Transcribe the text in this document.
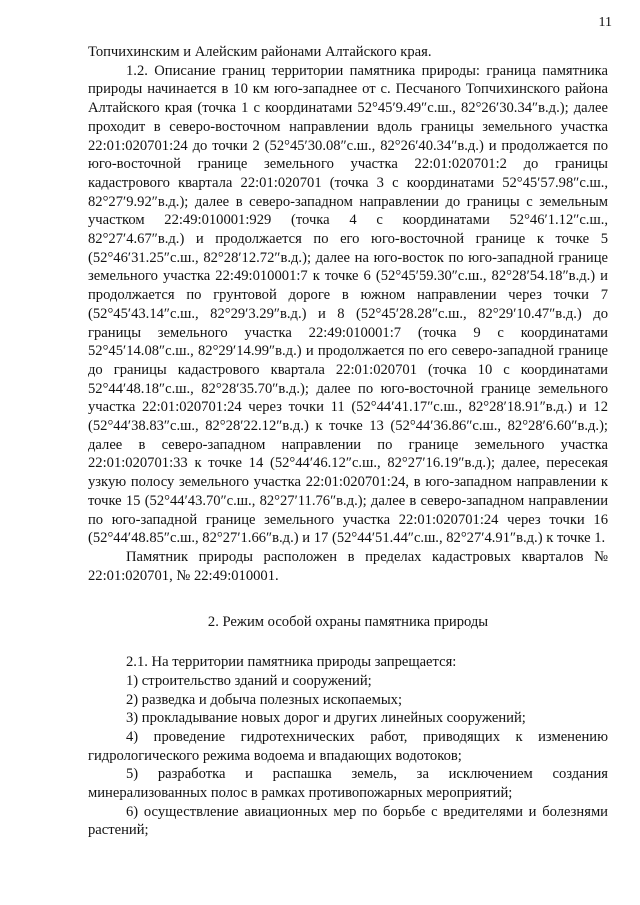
11

Топчихинским и Алейским районами Алтайского края.

1.2. Описание границ территории памятника природы: граница памятника природы начинается в 10 км юго-западнее от с. Песчаного Топчихинского района Алтайского края (точка 1 с координатами 52°45′9.49″с.ш., 82°26′30.34″в.д.); далее проходит в северо-восточном направлении вдоль границы земельного участка 22:01:020701:24 до точки 2 (52°45′30.08″с.ш., 82°26′40.34″в.д.) и продолжается по юго-восточной границе земельного участка 22:01:020701:2 до границы кадастрового квартала 22:01:020701 (точка 3 с координатами 52°45′57.98″с.ш., 82°27′9.92″в.д.); далее в северо-западном направлении до границы с земельным участком 22:49:010001:929 (точка 4 с координатами 52°46′1.12″с.ш., 82°27′4.67″в.д.) и продолжается по его юго-восточной границе к точке 5 (52°46′31.25″с.ш., 82°28′12.72″в.д.); далее на юго-восток по юго-западной границе земельного участка 22:49:010001:7 к точке 6 (52°45′59.30″с.ш., 82°28′54.18″в.д.) и продолжается по грунтовой дороге в южном направлении через точки 7 (52°45′43.14″с.ш., 82°29′3.29″в.д.) и 8 (52°45′28.28″с.ш., 82°29′10.47″в.д.) до границы земельного участка 22:49:010001:7 (точка 9 с координатами 52°45′14.08″с.ш., 82°29′14.99″в.д.) и продолжается по его северо-западной границе до границы кадастрового квартала 22:01:020701 (точка 10 с координатами 52°44′48.18″с.ш., 82°28′35.70″в.д.); далее по юго-восточной границе земельного участка 22:01:020701:24 через точки 11 (52°44′41.17″с.ш., 82°28′18.91″в.д.) и 12 (52°44′38.83″с.ш., 82°28′22.12″в.д.) к точке 13 (52°44′36.86″с.ш., 82°28′6.60″в.д.); далее в северо-западном направлении по границе земельного участка 22:01:020701:33 к точке 14 (52°44′46.12″с.ш., 82°27′16.19″в.д.); далее, пересекая узкую полосу земельного участка 22:01:020701:24, в юго-западном направлении к точке 15 (52°44′43.70″с.ш., 82°27′11.76″в.д.); далее в северо-западном направлении по юго-западной границе земельного участка 22:01:020701:24 через точки 16 (52°44′48.85″с.ш., 82°27′1.66″в.д.) и 17 (52°44′51.44″с.ш., 82°27′4.91″в.д.) к точке 1.

Памятник природы расположен в пределах кадастровых кварталов № 22:01:020701, № 22:49:010001.

2. Режим особой охраны памятника природы

2.1. На территории памятника природы запрещается:

1) строительство зданий и сооружений;

2) разведка и добыча полезных ископаемых;

3) прокладывание новых дорог и других линейных сооружений;

4) проведение гидротехнических работ, приводящих к изменению гидрологического режима водоема и впадающих водотоков;

5) разработка и распашка земель, за исключением создания минерализованных полос в рамках противопожарных мероприятий;

6) осуществление авиационных мер по борьбе с вредителями и болезнями растений;
